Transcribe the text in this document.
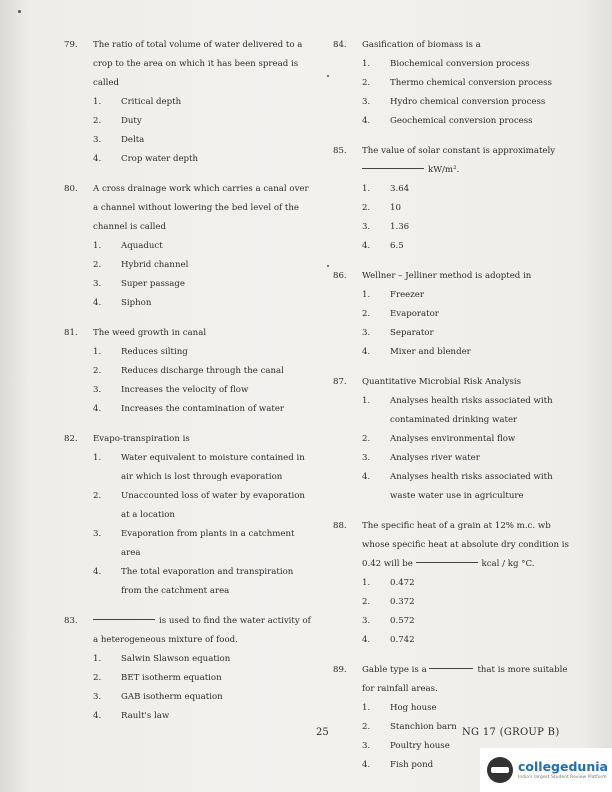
79. The ratio of total volume of water delivered to a crop to the area on which it has been spread is called
1. Critical depth
2. Duty
3. Delta
4. Crop water depth
80. A cross drainage work which carries a canal over a channel without lowering the bed level of the channel is called
1. Aquaduct
2. Hybrid channel
3. Super passage
4. Siphon
81. The weed growth in canal
1. Reduces silting
2. Reduces discharge through the canal
3. Increases the velocity of flow
4. Increases the contamination of water
82. Evapo-transpiration is
1. Water equivalent to moisture contained in air which is lost through evaporation
2. Unaccounted loss of water by evaporation at a location
3. Evaporation from plants in a catchment area
4. The total evaporation and transpiration from the catchment area
83.	is used to find the water activity of a heterogeneous mixture of food.
1. Salwin Slawson equation
2. BET isotherm equation
3. GAB isotherm equation
4. Rault's law
84. Gasification of biomass is a
1. Biochemical conversion process
2. Thermo chemical conversion process
3. Hydro chemical conversion process
4. Geochemical conversion process
85. The value of solar constant is approximately
kW/m².
1. 3.64
2. 10
3. 1.36
4. 6.5
86. Wellner – Jelliner method is adopted in
1. Freezer
2. Evaporator
3. Separator
4. Mixer and blender
87. Quantitative Microbial Risk Analysis
1. Analyses health risks associated with contaminated drinking water
2. Analyses environmental flow
3. Analyses river water
4. Analyses health risks associated with waste water use in agriculture
88. The specific heat of a grain at 12% m.c. wb whose specific heat at absolute dry condition is 0.42 will be	kcal / kg °C.
1. 0.472
2. 0.372
3. 0.572
4. 0.742
89. Gable type is a	that is more suitable for rainfall areas.
1. Hog house
2. Stanchion barn
3. Poultry house
4. Fish pond
25	NG 17 (GROUP B)
collegedunia
India's largest Student Review Platform
